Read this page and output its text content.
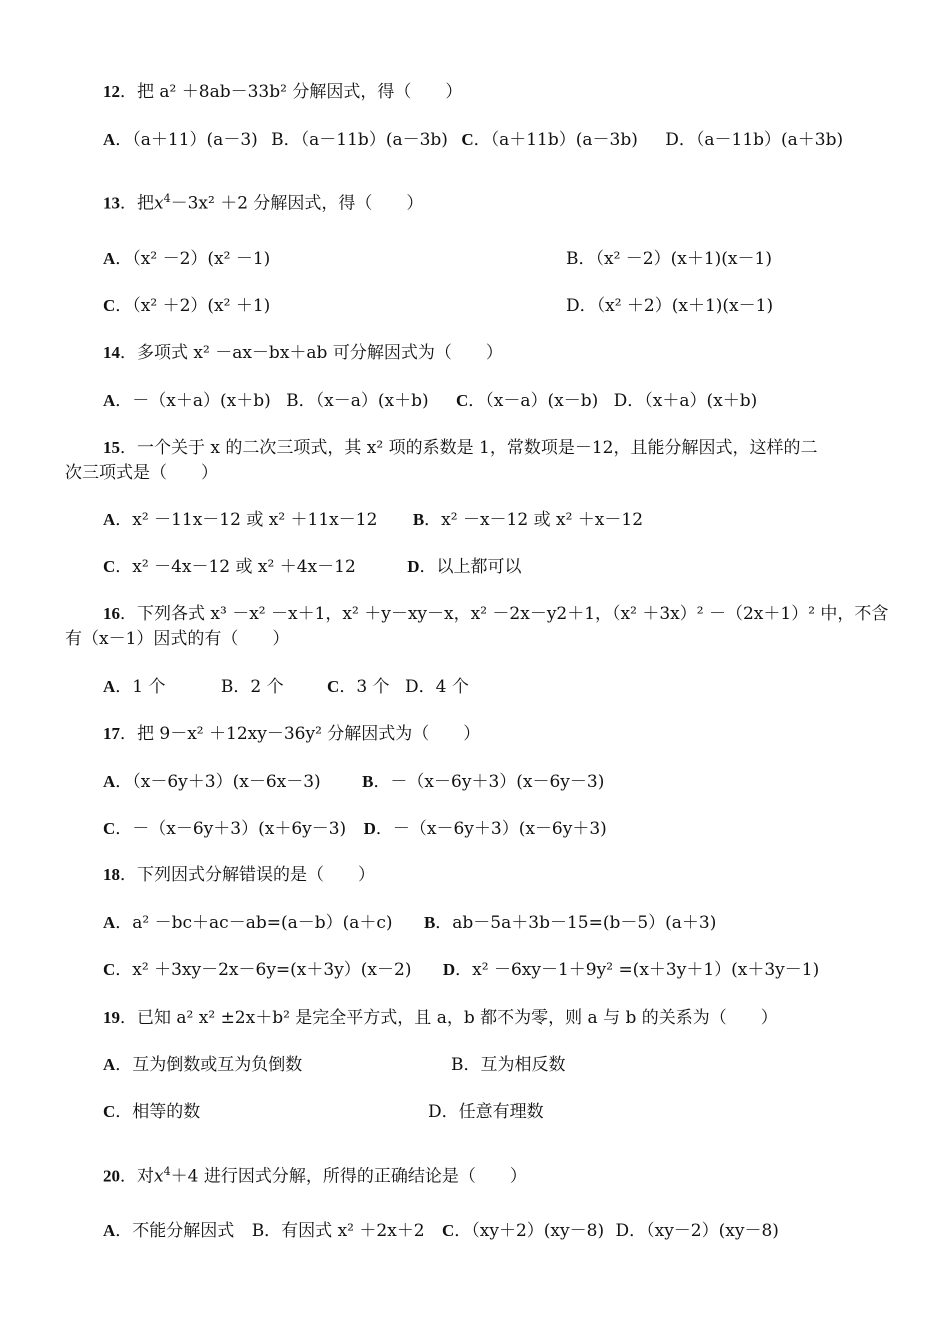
12．把 a² ＋8ab－33b² 分解因式，得（　　）
A．（a＋11）(a－3) B．（a－11b）(a－3b) C．（a＋11b）(a－3b) D．（a－11b）(a＋3b)
13．把$x^4-3x^2 +2$ 分解因式，得（　　）
A．（x² －2）(x² －1)	B．（x² －2）(x＋1)(x－1)
C．（x² ＋2）(x² ＋1)	D．（x² ＋2）(x＋1)(x－1)
14．多项式 x² －ax－bx＋ab 可分解因式为（　　）
A．－（x＋a）(x＋b) B．（x－a）(x＋b) C．（x－a）(x－b) D．（x＋a）(x＋b)
15．一个关于 x 的二次三项式，其 x² 项的系数是 1，常数项是－12，且能分解因式，这样的二
次三项式是（　　）
A．x² －11x－12 或 x² ＋11x－12 B．x² －x－12 或 x² ＋x－12
C．x² －4x－12 或 x² ＋4x－12	D．以上都可以
16．下列各式 x³ －x² －x＋1，x² ＋y－xy－x，x² －2x－y2＋1，（x² ＋3x）² －（2x＋1）² 中，不含
有（x－1）因式的有（　　）
A．1 个	B．2 个	C．3 个 D．4 个
17．把 9－x² ＋12xy－36y² 分解因式为（　　）
A．（x－6y＋3）(x－6x－3) B．－（x－6y＋3）(x－6y－3)
C．－（x－6y＋3）(x＋6y－3) D．－（x－6y＋3）(x－6y＋3)
18．下列因式分解错误的是（　　）
A．a² －bc＋ac－ab=(a－b）(a＋c) B．ab－5a＋3b－15=(b－5）(a＋3)
C．x² ＋3xy－2x－6y=(x＋3y）(x－2) D．x² －6xy－1＋9y² =(x＋3y＋1）(x＋3y－1)
19．已知 a² x² ±2x＋b² 是完全平方式，且 a，b 都不为零，则 a 与 b 的关系为（　　）
A．互为倒数或互为负倒数	B．互为相反数
C．相等的数	D．任意有理数
20．对$x^4+4$ 进行因式分解，所得的正确结论是（　　）
A．不能分解因式 B．有因式 x² ＋2x＋2 C．（xy＋2）(xy－8) D．（xy－2）(xy－8)
